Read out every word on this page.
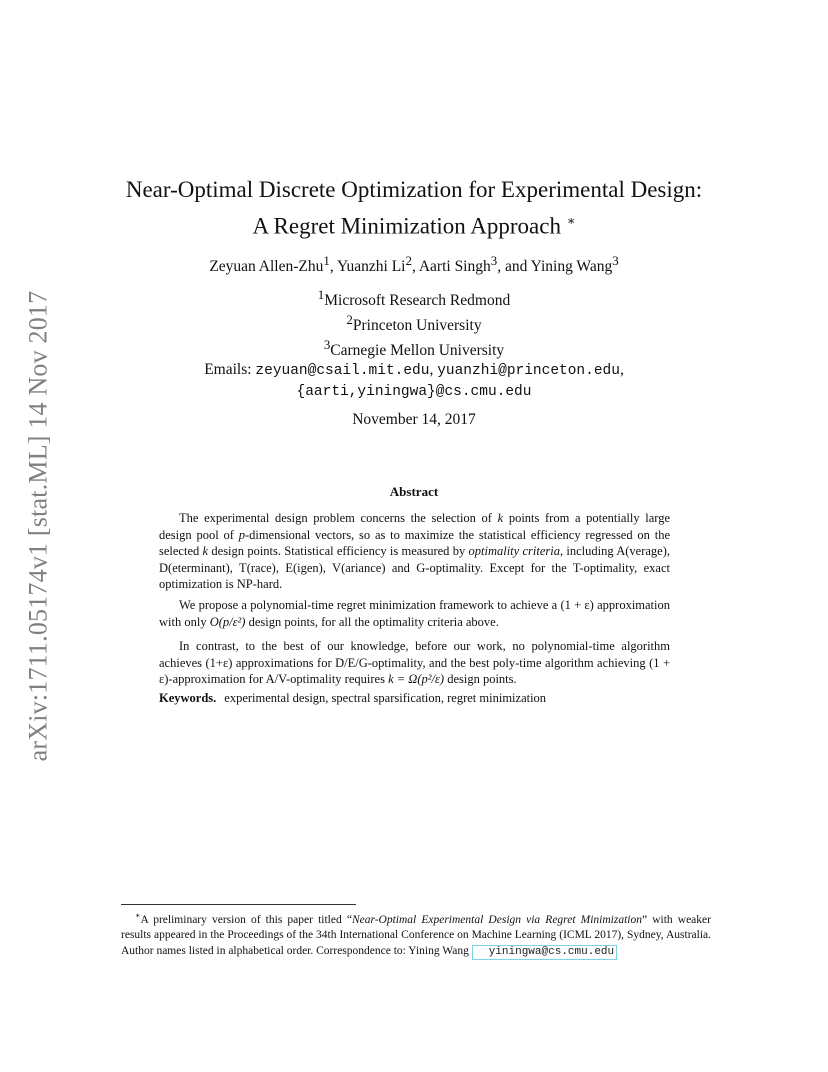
arXiv:1711.05174v1 [stat.ML] 14 Nov 2017
Near-Optimal Discrete Optimization for Experimental Design:
A Regret Minimization Approach ∗
Zeyuan Allen-Zhu$^1$, Yuanzhi Li$^2$, Aarti Singh$^3$, and Yining Wang$^3$
$^1$Microsoft Research Redmond
$^2$Princeton University
$^3$Carnegie Mellon University
Emails: zeyuan@csail.mit.edu, yuanzhi@princeton.edu,
{aarti,yiningwa}@cs.cmu.edu
November 14, 2017
Abstract

The experimental design problem concerns the selection of k points from a potentially large design pool of p-dimensional vectors, so as to maximize the statistical efficiency regressed on the selected k design points. Statistical efficiency is measured by optimality criteria, including A(verage), D(eterminant), T(race), E(igen), V(ariance) and G-optimality. Except for the T-optimality, exact optimization is NP-hard.

We propose a polynomial-time regret minimization framework to achieve a (1 + ε) approximation with only O(p/ε²) design points, for all the optimality criteria above.

In contrast, to the best of our knowledge, before our work, no polynomial-time algorithm achieves (1+ε) approximations for D/E/G-optimality, and the best poly-time algorithm achieving (1 + ε)-approximation for A/V-optimality requires k = Ω(p²/ε) design points.

Keywords. experimental design, spectral sparsification, regret minimization

∗A preliminary version of this paper titled “Near-Optimal Experimental Design via Regret Minimization” with weaker results appeared in the Proceedings of the 34th International Conference on Machine Learning (ICML 2017), Sydney, Australia. Author names listed in alphabetical order. Correspondence to: Yining Wang yiningwa@cs.cmu.edu
